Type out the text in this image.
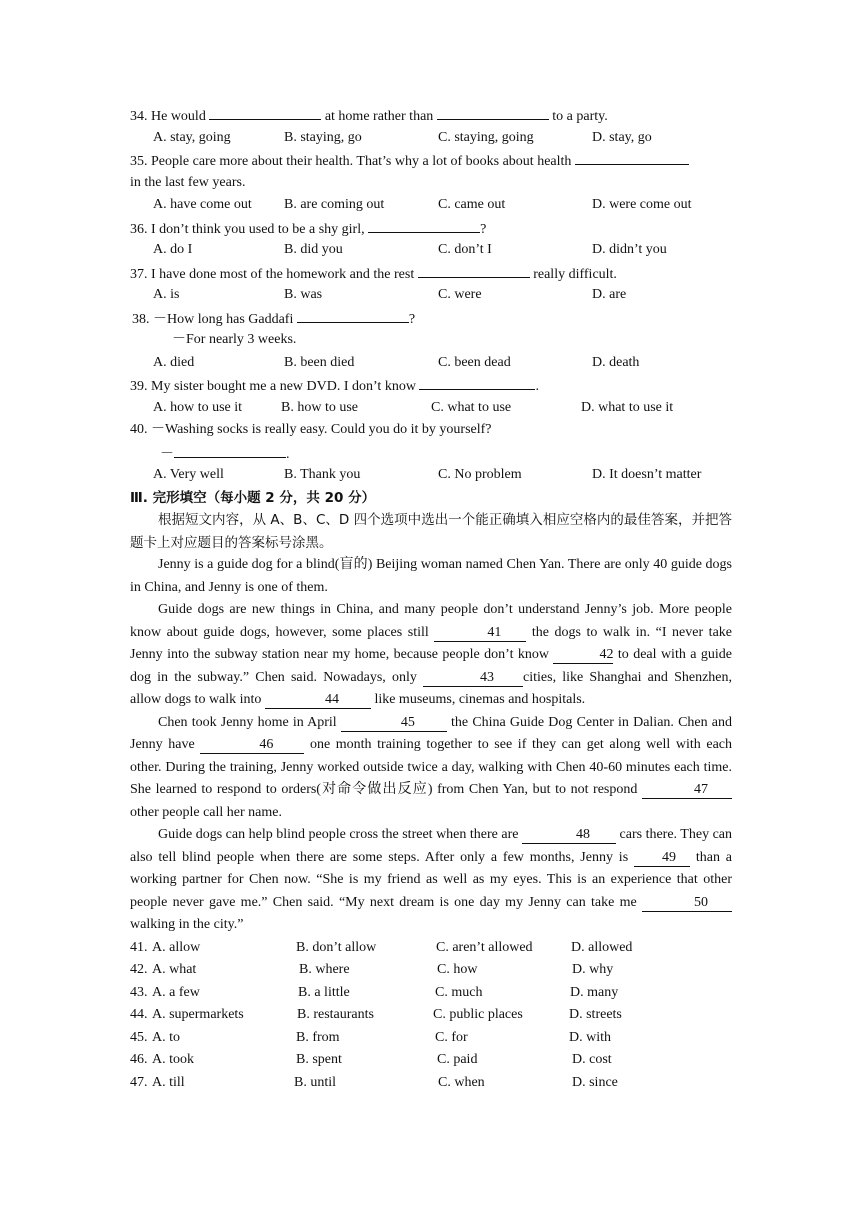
34. He would	at home rather than	to a party.
A. stay, going	B. staying, go	C. staying, going	D. stay, go
35. People care more about their health. That’s why a lot of books about health
in the last few years.
A. have come out B. are coming out	C. came out	D. were come out
36. I don’t think you used to be a shy girl,	?
A. do I	B. did you	C. don’t I	D. didn’t you
37. I have done most of the homework and the rest	really difficult.
A. is	B. was	C. were	D. are
38. －How long has Gaddafi	?
－For nearly 3 weeks.
A. died	B. been died	C. been dead	D. death
39. My sister bought me a new DVD. I don’t know	.
A. how to use it	B. how to use	C. what to use	D. what to use it
40. －Washing socks is really easy. Could you do it by yourself?
－	.
A. Very well	B. Thank you	C. No problem	D. It doesn’t matter
Ⅲ. 完形填空（每小题 2 分，共 20 分）
根据短文内容，从 A、B、C、D 四个选项中选出一个能正确填入相应空格内的最佳答案，并把答题卡上对应题目的答案标号涂黑。
Jenny is a guide dog for a blind(盲的) Beijing woman named Chen Yan. There are only 40 guide dogs in China, and Jenny is one of them.
Guide dogs are new things in China, and many people don’t understand Jenny’s job. More people know about guide dogs, however, some places still	41 the dogs to walk in. “I never take Jenny into the subway station near my home, because people don’t know	42 to deal with a guide dog in the subway.” Chen said. Nowadays, only	43 cities, like Shanghai and Shenzhen, allow dogs to walk into	44	like museums, cinemas and hospitals.
Chen took Jenny home in April	45	the China Guide Dog Center in Dalian. Chen and Jenny have	46	one month training together to see if they can get along well with each other. During the training, Jenny worked outside twice a day, walking with Chen 40-60 minutes each time. She learned to respond to orders(对命令做出反应) from Chen Yan, but to not respond	47 other people call her name.
Guide dogs can help blind people cross the street when there are	48 cars there. They can also tell blind people when there are some steps. After only a few months, Jenny is 49 than a working partner for Chen now. “She is my friend as well as my eyes. This is an experience that other people never gave me.” Chen said. “My next dream is one day my Jenny can take me	50walking in the city.”
41. A. allow	B. don’t allow	C. aren’t allowed	D. allowed
42. A. what	B. where	C. how	D. why
43. A. a few	B. a little	C. much	D. many
44. A. supermarkets	B. restaurants	C. public places	D. streets
45. A. to	B. from	C. for	D. with
46. A. took	B. spent	C. paid	D. cost
47. A. till	B. until	C. when	D. since
